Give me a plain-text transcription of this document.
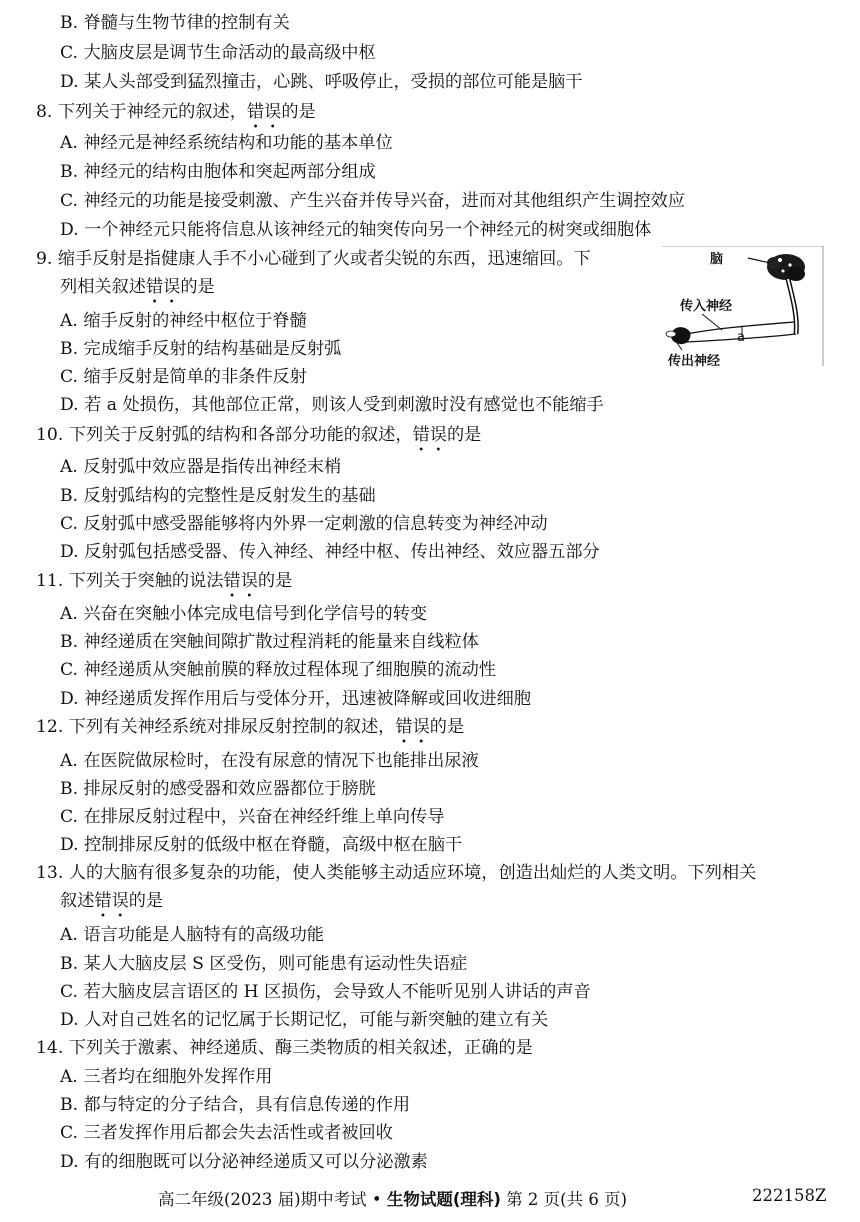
B. 脊髓与生物节律的控制有关
C. 大脑皮层是调节生命活动的最高级中枢
D. 某人头部受到猛烈撞击，心跳、呼吸停止，受损的部位可能是脑干
8. 下列关于神经元的叙述，错误的是
A. 神经元是神经系统结构和功能的基本单位
B. 神经元的结构由胞体和突起两部分组成
C. 神经元的功能是接受刺激、产生兴奋并传导兴奋，进而对其他组织产生调控效应
D. 一个神经元只能将信息从该神经元的轴突传向另一个神经元的树突或细胞体
9. 缩手反射是指健康人手不小心碰到了火或者尖锐的东西，迅速缩回。下
列相关叙述错误的是
A. 缩手反射的神经中枢位于脊髓
B. 完成缩手反射的结构基础是反射弧
C. 缩手反射是简单的非条件反射
D. 若 a 处损伤，其他部位正常，则该人受到刺激时没有感觉也不能缩手
脑
传入神经
a
传出神经
10. 下列关于反射弧的结构和各部分功能的叙述，错误的是
A. 反射弧中效应器是指传出神经末梢
B. 反射弧结构的完整性是反射发生的基础
C. 反射弧中感受器能够将内外界一定刺激的信息转变为神经冲动
D. 反射弧包括感受器、传入神经、神经中枢、传出神经、效应器五部分
11. 下列关于突触的说法错误的是
A. 兴奋在突触小体完成电信号到化学信号的转变
B. 神经递质在突触间隙扩散过程消耗的能量来自线粒体
C. 神经递质从突触前膜的释放过程体现了细胞膜的流动性
D. 神经递质发挥作用后与受体分开，迅速被降解或回收进细胞
12. 下列有关神经系统对排尿反射控制的叙述，错误的是
A. 在医院做尿检时，在没有尿意的情况下也能排出尿液
B. 排尿反射的感受器和效应器都位于膀胱
C. 在排尿反射过程中，兴奋在神经纤维上单向传导
D. 控制排尿反射的低级中枢在脊髓，高级中枢在脑干
13. 人的大脑有很多复杂的功能，使人类能够主动适应环境，创造出灿烂的人类文明。下列相关
叙述错误的是
A. 语言功能是人脑特有的高级功能
B. 某人大脑皮层 S 区受伤，则可能患有运动性失语症
C. 若大脑皮层言语区的 H 区损伤，会导致人不能听见别人讲话的声音
D. 人对自己姓名的记忆属于长期记忆，可能与新突触的建立有关
14. 下列关于激素、神经递质、酶三类物质的相关叙述，正确的是
A. 三者均在细胞外发挥作用
B. 都与特定的分子结合，具有信息传递的作用
C. 三者发挥作用后都会失去活性或者被回收
D. 有的细胞既可以分泌神经递质又可以分泌激素
高二年级(2023 届)期中考试 • 生物试题(理科) 第 2 页(共 6 页)	222158Z
